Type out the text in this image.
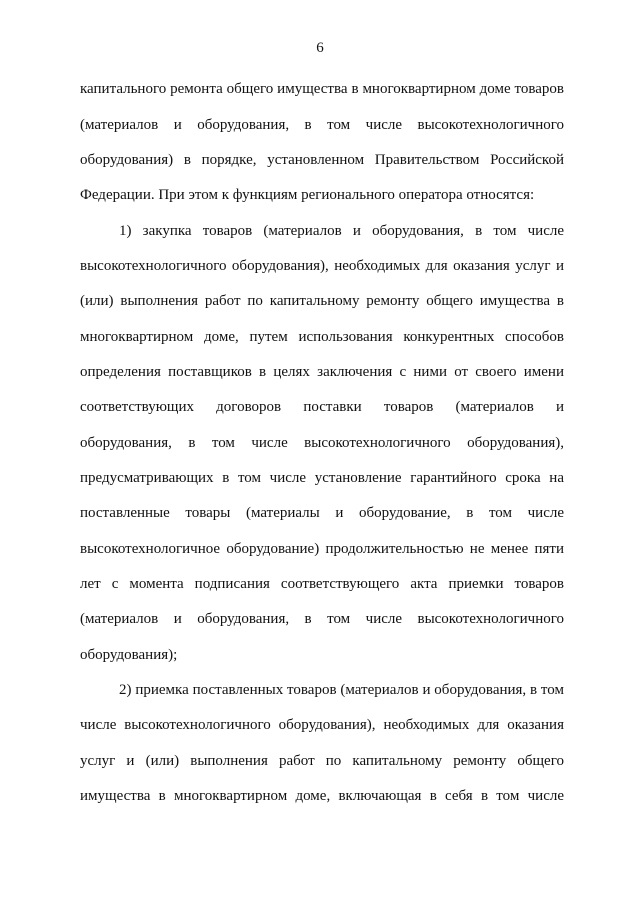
6
капитального ремонта общего имущества в многоквартирном доме товаров
(материалов и оборудования, в том числе высокотехнологичного
оборудования) в порядке, установленном Правительством Российской
Федерации. При этом к функциям регионального оператора относятся:
1) закупка товаров (материалов и оборудования, в том числе
высокотехнологичного оборудования), необходимых для оказания услуг и
(или) выполнения работ по капитальному ремонту общего имущества в
многоквартирном доме, путем использования конкурентных способов
определения поставщиков в целях заключения с ними от своего имени
соответствующих договоров поставки товаров (материалов и
оборудования, в том числе высокотехнологичного оборудования),
предусматривающих в том числе установление гарантийного срока на
поставленные товары (материалы и оборудование, в том числе
высокотехнологичное оборудование) продолжительностью не менее пяти
лет с момента подписания соответствующего акта приемки товаров
(материалов и оборудования, в том числе высокотехнологичного
оборудования);
2) приемка поставленных товаров (материалов и оборудования, в том
числе высокотехнологичного оборудования), необходимых для оказания
услуг и (или) выполнения работ по капитальному ремонту общего
имущества в многоквартирном доме, включающая в себя в том числе
